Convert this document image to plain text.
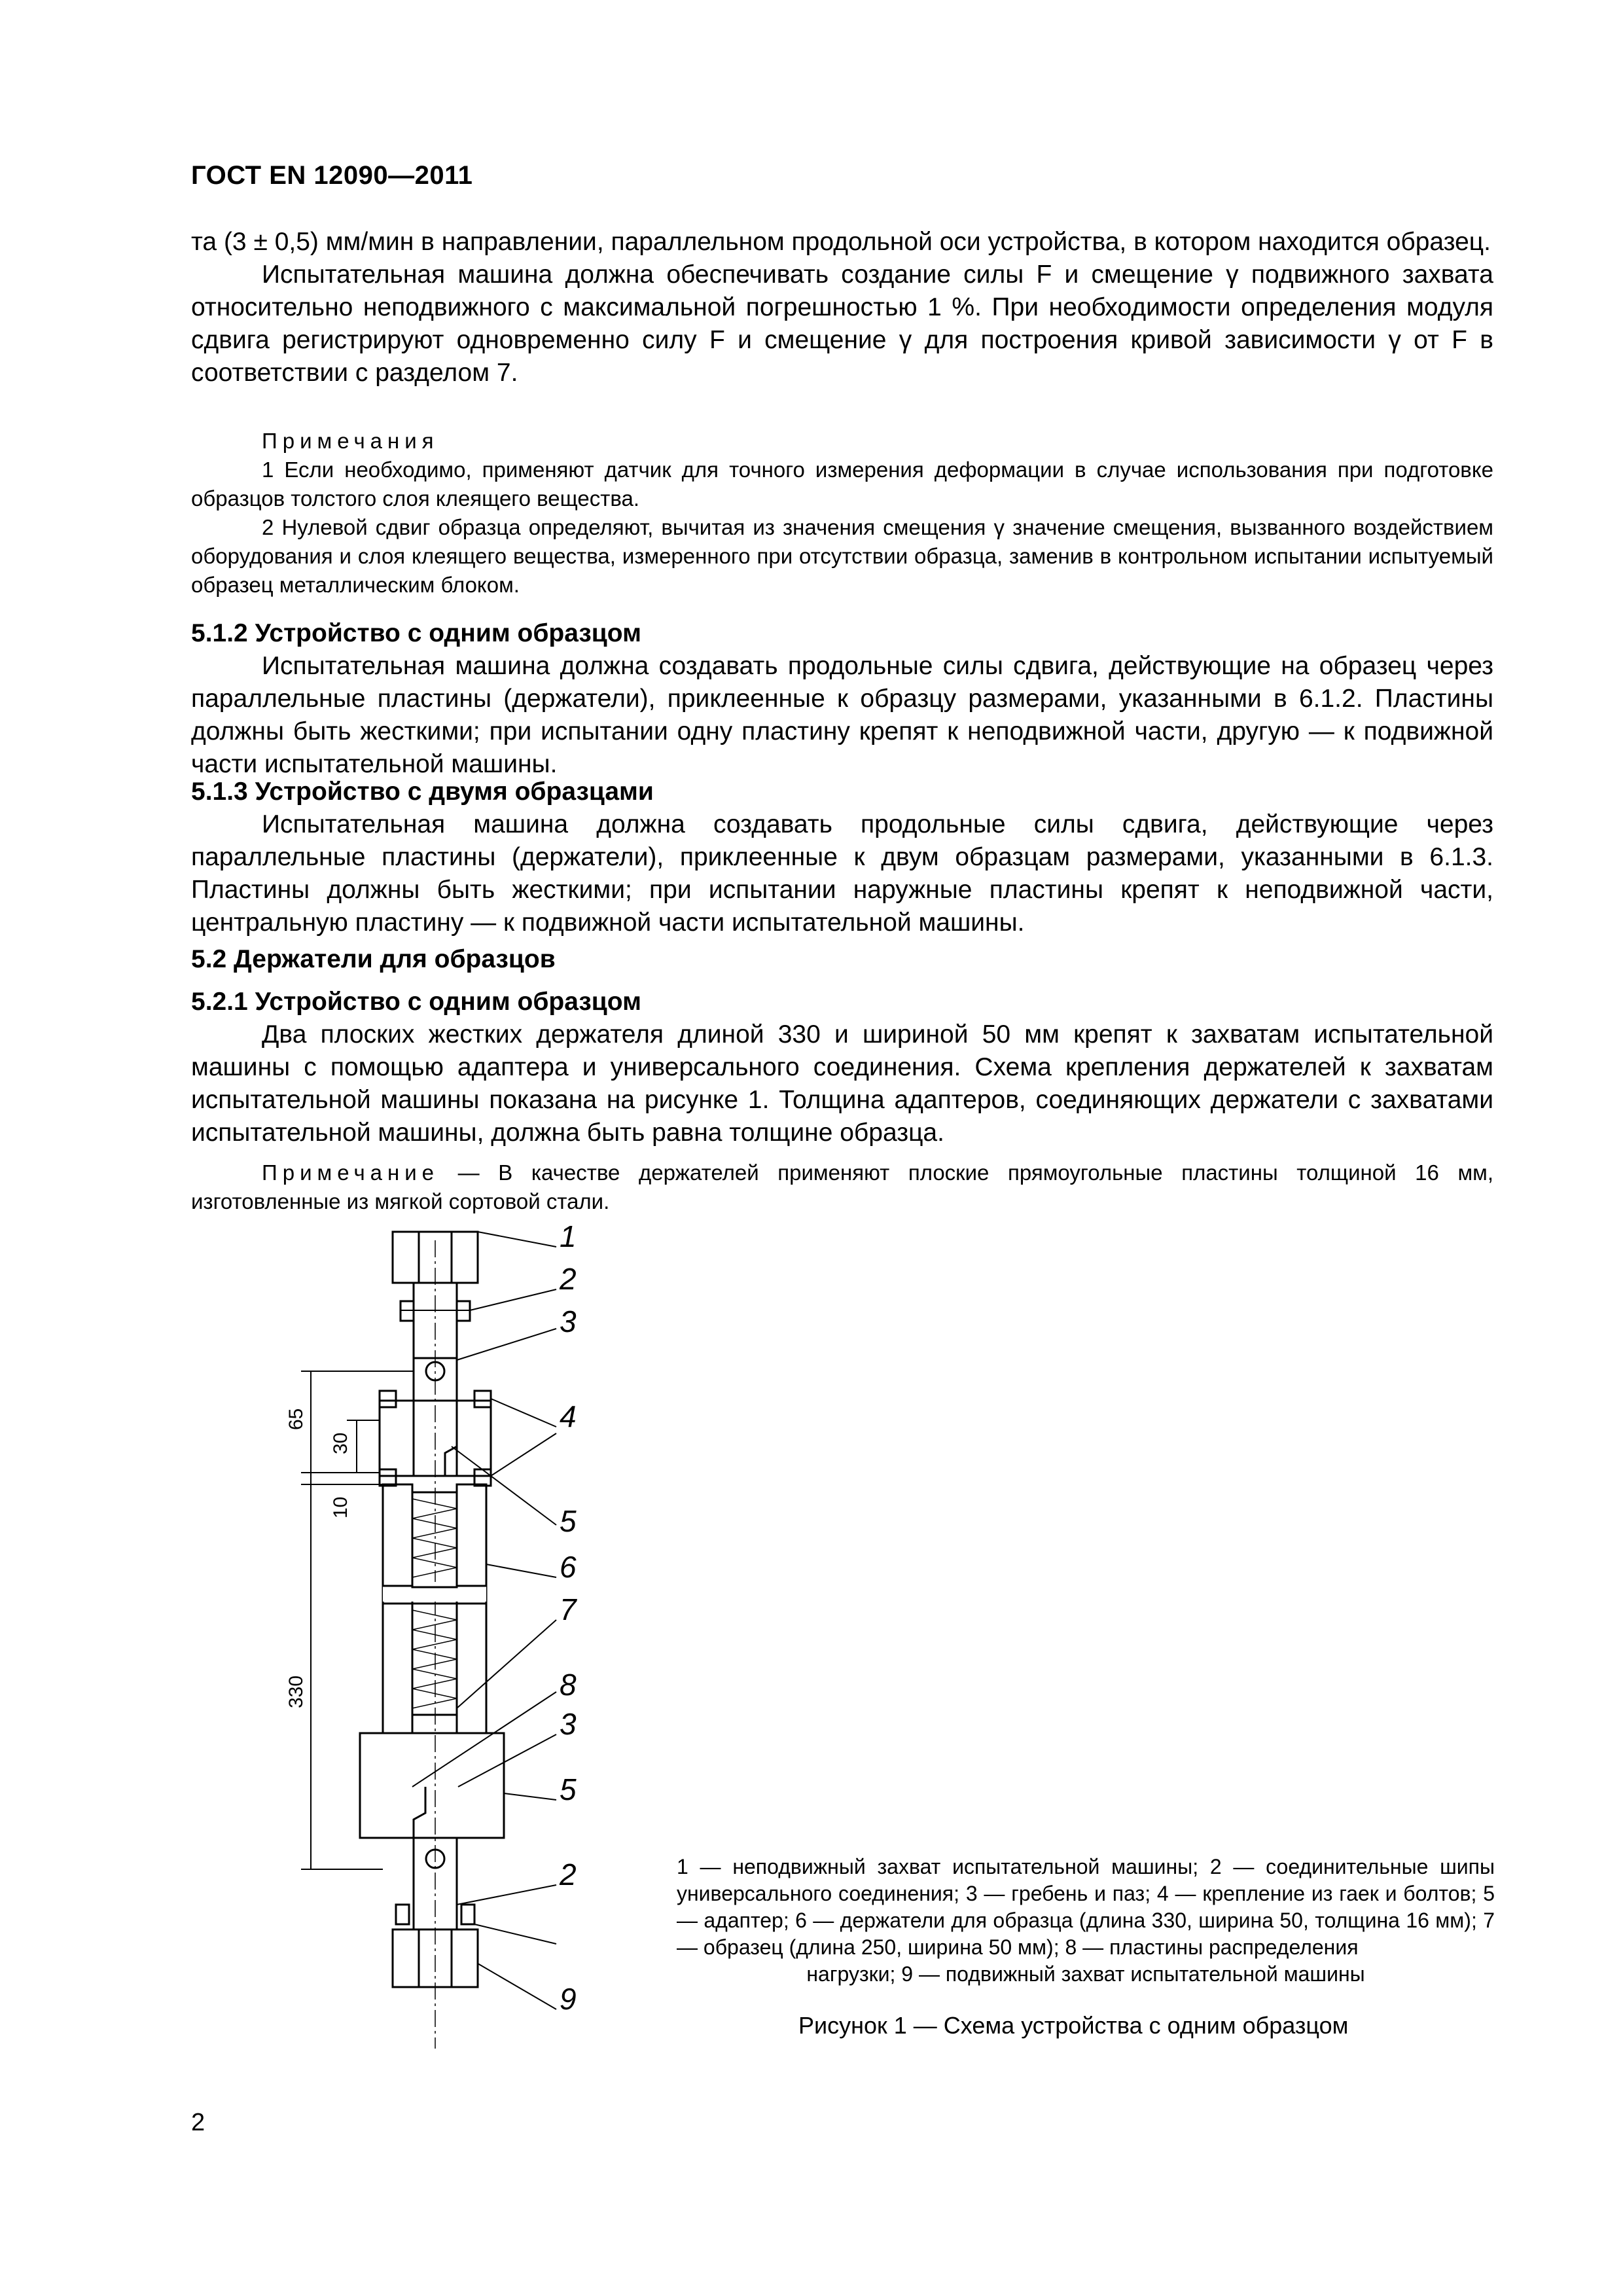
ГОСТ EN 12090—2011

та (3 ± 0,5) мм/мин в направлении, параллельном продольной оси устройства, в котором находится образец.

Испытательная машина должна обеспечивать создание силы F и смещение γ подвижного захвата относительно неподвижного с максимальной погрешностью 1 %. При необходимости определения модуля сдвига регистрируют одновременно силу F и смещение γ для построения кривой зависимости γ от F в соответствии с разделом 7.

Примечания

1 Если необходимо, применяют датчик для точного измерения деформации в случае использования при подготовке образцов толстого слоя клеящего вещества.

2 Нулевой сдвиг образца определяют, вычитая из значения смещения γ значение смещения, вызванного воздействием оборудования и слоя клеящего вещества, измеренного при отсутствии образца, заменив в контрольном испытании испытуемый образец металлическим блоком.

5.1.2 Устройство с одним образцом

Испытательная машина должна создавать продольные силы сдвига, действующие на образец через параллельные пластины (держатели), приклеенные к образцу размерами, указанными в 6.1.2. Пластины должны быть жесткими; при испытании одну пластину крепят к неподвижной части, другую — к подвижной части испытательной машины.

5.1.3 Устройство с двумя образцами

Испытательная машина должна создавать продольные силы сдвига, действующие через параллельные пластины (держатели), приклеенные к двум образцам размерами, указанными в 6.1.3. Пластины должны быть жесткими; при испытании наружные пластины крепят к неподвижной части, центральную пластину — к подвижной части испытательной машины.

5.2 Держатели для образцов

5.2.1 Устройство с одним образцом

Два плоских жестких держателя длиной 330 и шириной 50 мм крепят к захватам испытательной машины с помощью адаптера и универсального соединения. Схема крепления держателей к захватам испытательной машины показана на рисунке 1. Толщина адаптеров, соединяющих держатели с захватами испытательной машины, должна быть равна толщине образца.

Примечание — В качестве держателей применяют плоские прямоугольные пластины толщиной 16 мм, изготовленные из мягкой сортовой стали.

65
30
10
330
1
2
3
4
5
6
7
8
3
5
2
9

1 — неподвижный захват испытательной машины; 2 — соединительные шипы универсального соединения; 3 — гребень и паз; 4 — крепление из гаек и болтов; 5 — адаптер; 6 — держатели для образца (длина 330, ширина 50, толщина 16 мм); 7 — образец (длина 250, ширина 50 мм); 8 — пластины распределения

нагрузки; 9 — подвижный захват испытательной машины

Рисунок 1 — Схема устройства с одним образцом
2
